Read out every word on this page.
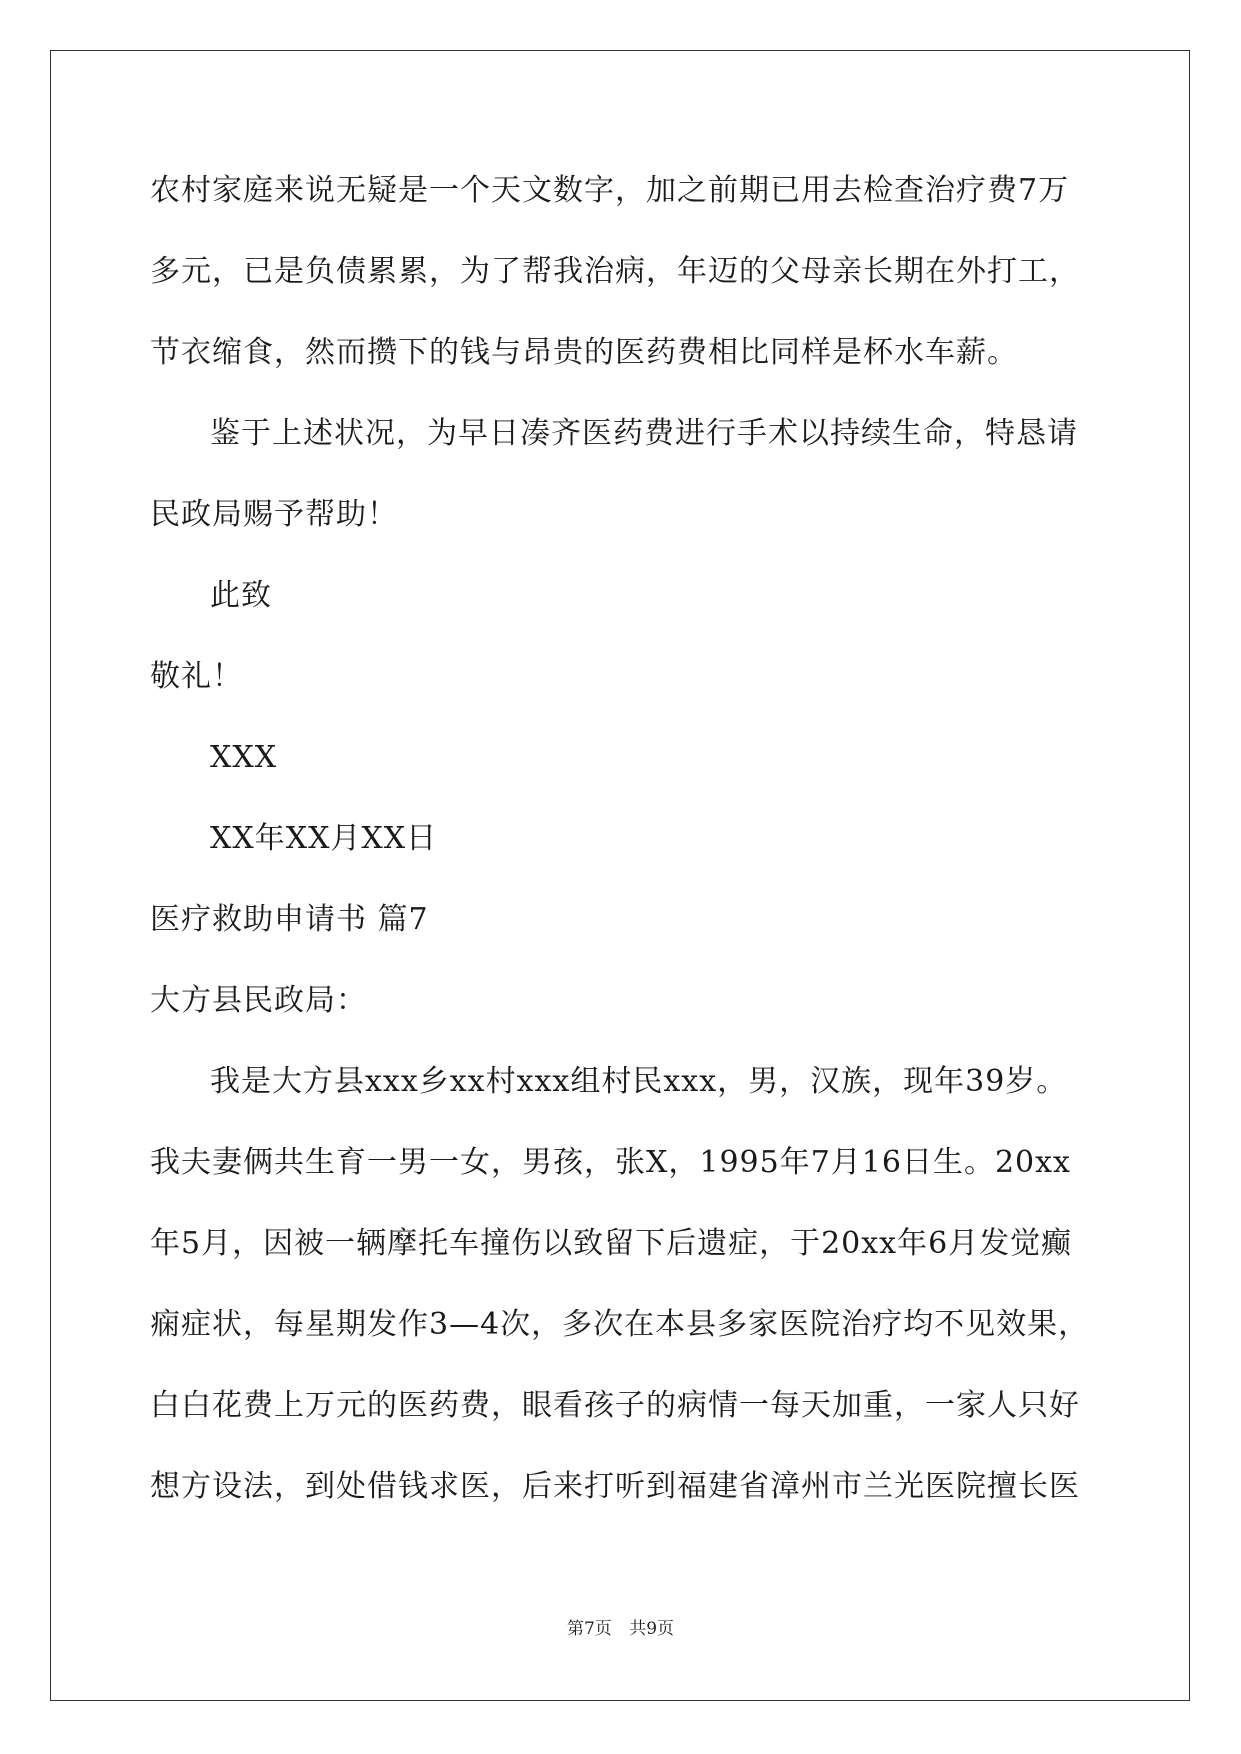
农村家庭来说无疑是一个天文数字，加之前期已用去检查治疗费7万
多元，已是负债累累，为了帮我治病，年迈的父母亲长期在外打工，
节衣缩食，然而攒下的钱与昂贵的医药费相比同样是杯水车薪。
鉴于上述状况，为早日凑齐医药费进行手术以持续生命，特恳请
民政局赐予帮助！
此致
敬礼！
XXX
XX年XX月XX日
医疗救助申请书 篇7
大方县民政局：
我是大方县xxx乡xx村xxx组村民xxx，男，汉族，现年39岁。
我夫妻俩共生育一男一女，男孩，张X，1995年7月16日生。20xx
年5月，因被一辆摩托车撞伤以致留下后遗症，于20xx年6月发觉癫
痫症状，每星期发作3—4次，多次在本县多家医院治疗均不见效果，
白白花费上万元的医药费，眼看孩子的病情一每天加重，一家人只好
想方设法，到处借钱求医，后来打听到福建省漳州市兰光医院擅长医
第7页 共9页
